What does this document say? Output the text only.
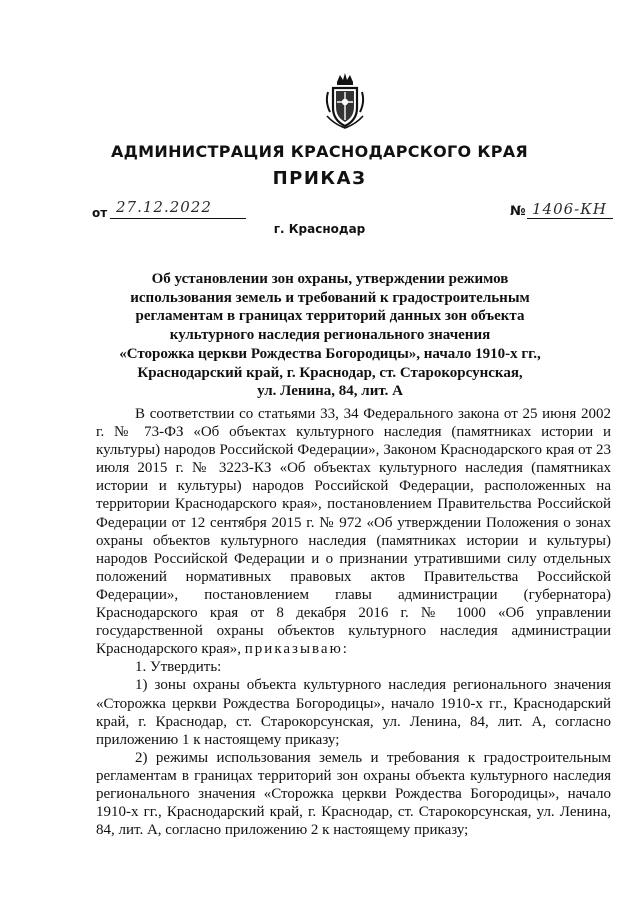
АДМИНИСТРАЦИЯ КРАСНОДАРСКОГО КРАЯ
ПРИКАЗ
от 27.12.2022	№ 1406-КН
г. Краснодар
Об установлении зон охраны, утверждении режимов
использования земель и требований к градостроительным
регламентам в границах территорий данных зон объекта
культурного наследия регионального значения
«Сторожка церкви Рождества Богородицы», начало 1910-х гг.,
Краснодарский край, г. Краснодар, ст. Старокорсунская,
ул. Ленина, 84, лит. А
В соответствии со статьями 33, 34 Федерального закона от 25 июня 2002 г. № 73-ФЗ «Об объектах культурного наследия (памятниках истории и культуры) народов Российской Федерации», Законом Краснодарского края от 23 июля 2015 г. № 3223-КЗ «Об объектах культурного наследия (памятниках истории и культуры) народов Российской Федерации, расположенных на территории Краснодарского края», постановлением Правительства Российской Федерации от 12 сентября 2015 г. № 972 «Об утверждении Положения о зонах охраны объектов культурного наследия (памятниках истории и культуры) народов Российской Федерации и о признании утратившими силу отдельных положений нормативных правовых актов Правительства Российской Федерации», постановлением главы администрации (губернатора) Краснодарского края от 8 декабря 2016 г. № 1000 «Об управлении государственной охраны объектов культурного наследия администрации Краснодарского края», приказываю:
1. Утвердить:
1) зоны охраны объекта культурного наследия регионального значения «Сторожка церкви Рождества Богородицы», начало 1910-х гг., Краснодарский край, г. Краснодар, ст. Старокорсунская, ул. Ленина, 84, лит. А, согласно приложению 1 к настоящему приказу;
2) режимы использования земель и требования к градостроительным регламентам в границах территорий зон охраны объекта культурного наследия регионального значения «Сторожка церкви Рождества Богородицы», начало 1910-х гг., Краснодарский край, г. Краснодар, ст. Старокорсунская, ул. Ленина, 84, лит. А, согласно приложению 2 к настоящему приказу;
